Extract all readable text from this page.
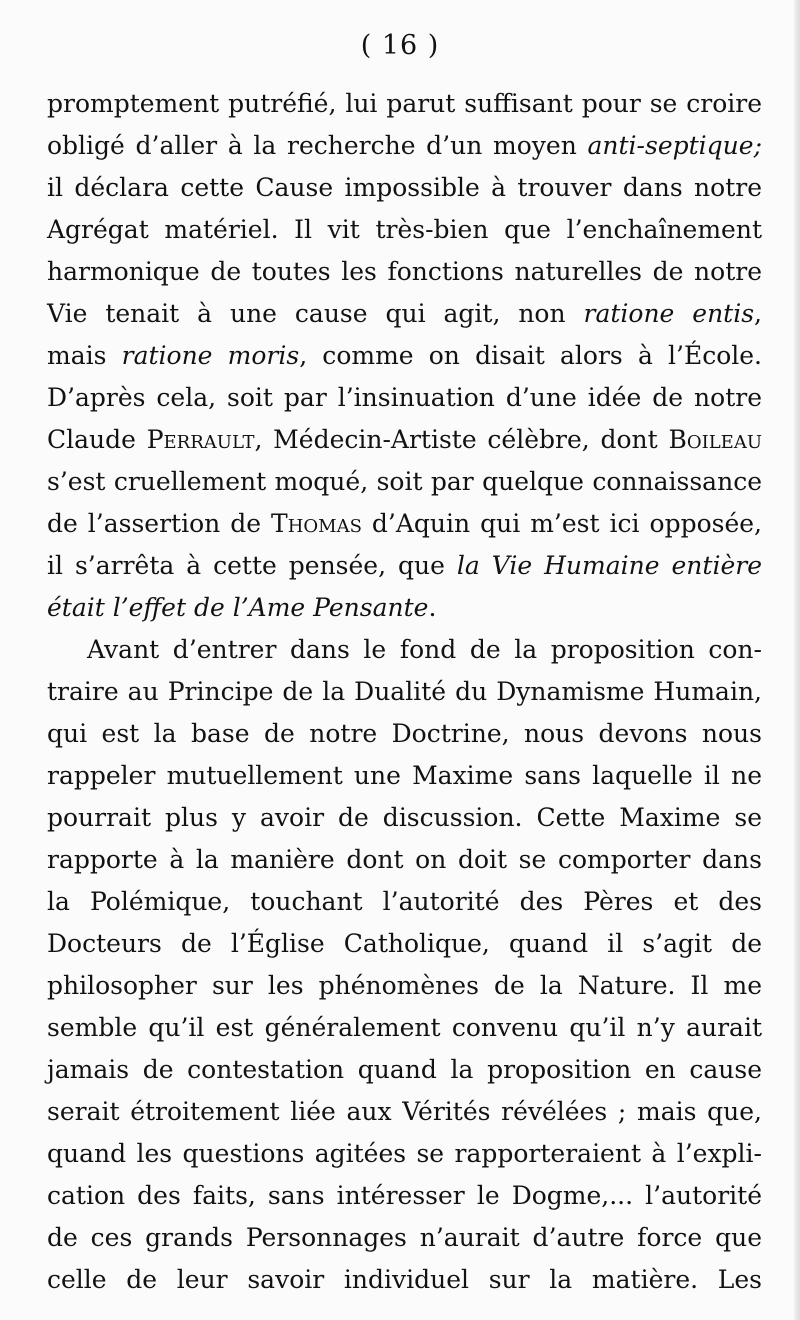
( 16 )
promptement putréfié, lui parut suffisant pour se croire
obligé d’aller à la recherche d’un moyen anti-septique;
il déclara cette Cause impossible à trouver dans notre
Agrégat matériel. Il vit très-bien que l’enchaînement
harmonique de toutes les fonctions naturelles de notre
Vie tenait à une cause qui agit, non ratione entis,
mais ratione moris, comme on disait alors à l’École.
D’après cela, soit par l’insinuation d’une idée de notre
Claude Perrault, Médecin-Artiste célèbre, dont Boileau
s’est cruellement moqué, soit par quelque connaissance
de l’assertion de Thomas d’Aquin qui m’est ici opposée,
il s’arrêta à cette pensée, que la Vie Humaine entière
était l’effet de l’Ame Pensante.
Avant d’entrer dans le fond de la proposition con-
traire au Principe de la Dualité du Dynamisme Humain,
qui est la base de notre Doctrine, nous devons nous
rappeler mutuellement une Maxime sans laquelle il ne
pourrait plus y avoir de discussion. Cette Maxime se
rapporte à la manière dont on doit se comporter dans
la Polémique, touchant l’autorité des Pères et des
Docteurs de l’Église Catholique, quand il s’agit de
philosopher sur les phénomènes de la Nature. Il me
semble qu’il est généralement convenu qu’il n’y aurait
jamais de contestation quand la proposition en cause
serait étroitement liée aux Vérités révélées ; mais que,
quand les questions agitées se rapporteraient à l’expli-
cation des faits, sans intéresser le Dogme,... l’autorité
de ces grands Personnages n’aurait d’autre force que
celle de leur savoir individuel sur la matière. Les
